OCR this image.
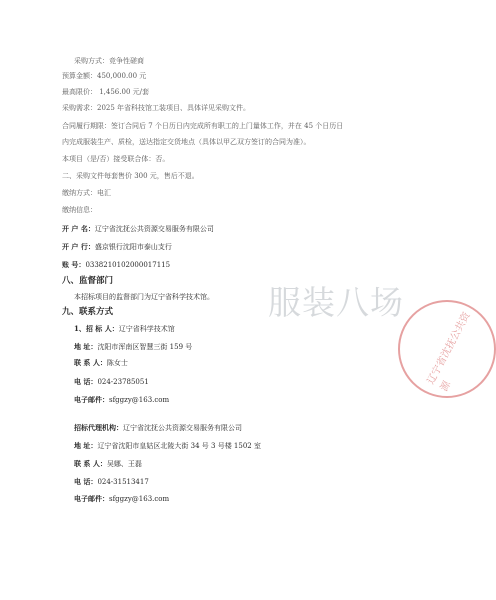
采购方式：竞争性磋商
预算金额：450,000.00 元
最高限价： 1,456.00 元/套
采购需求：2025 年省科技馆工装项目、具体详见采购文件。
合同履行期限：签订合同后 7 个日历日内完成所有职工的上门量体工作，并在 45 个日历日
内完成服装生产、质检，送达指定交货地点（具体以甲乙双方签订的合同为准）。
本项目（是/否）接受联合体：否。
二、采购文件每套售价 300 元，售后不退。
缴纳方式：电汇
缴纳信息：
开 户 名：辽宁省沈抚公共资源交易服务有限公司
开 户 行：盛京银行沈阳市泰山支行
账 号：0338210102000017115
八、监督部门
本招标项目的监督部门为辽宁省科学技术馆。
九、联系方式
1、招 标 人：辽宁省科学技术馆
地 址：沈阳市浑南区智慧三街 159 号
联 系 人：陈女士
电 话：024-23785051
电子邮件：sfggzy@163.com
招标代理机构：辽宁省沈抚公共资源交易服务有限公司
地 址：辽宁省沈阳市皇姑区北陵大街 34 号 3 号楼 1502 室
联 系 人：吴娜、王磊
电 话：024-31513417
电子邮件：sfggzy@163.com
服装八场
辽宁省沈抚公共资源
